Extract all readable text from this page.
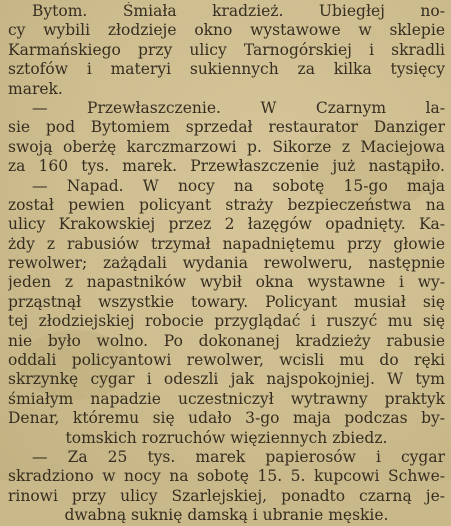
Bytom. Śmiała kradzież. Ubiegłej no-
cy wybili złodzieje okno wystawowe w sklepie
Karmańskiego przy ulicy Tarnogórskiej i skradli
sztofów i materyi sukiennych za kilka tysięcy
marek.
— Przewłaszczenie. W Czarnym la-
sie pod Bytomiem sprzedał restaurator Danziger
swoją oberżę karczmarzowi p. Sikorze z Maciejowa
za 160 tys. marek. Przewłaszczenie już nastąpiło.
— Napad. W nocy na sobotę 15-go maja
został pewien policyant straży bezpieczeństwa na
ulicy Krakowskiej przez 2 łazęgów opadnięty. Ka-
żdy z rabusiów trzymał napadniętemu przy głowie
rewolwer; zażądali wydania rewolweru, następnie
jeden z napastników wybił okna wystawne i wy-
prząstnął wszystkie towary. Policyant musiał się
tej złodziejskiej robocie przyglądać i ruszyć mu się
nie było wolno. Po dokonanej kradzieży rabusie
oddali policyantowi rewolwer, wcisli mu do ręki
skrzynkę cygar i odeszli jak najspokojniej. W tym
śmiałym napadzie uczestniczył wytrawny praktyk
Denar, któremu się udało 3-go maja podczas by-
tomskich rozruchów więziennych zbiedz.
— Za 25 tys. marek papierosów i cygar
skradziono w nocy na sobotę 15. 5. kupcowi Schwe-
rinowi przy ulicy Szarlejskiej, ponadto czarną je-
dwabną suknię damską i ubranie męskie.
